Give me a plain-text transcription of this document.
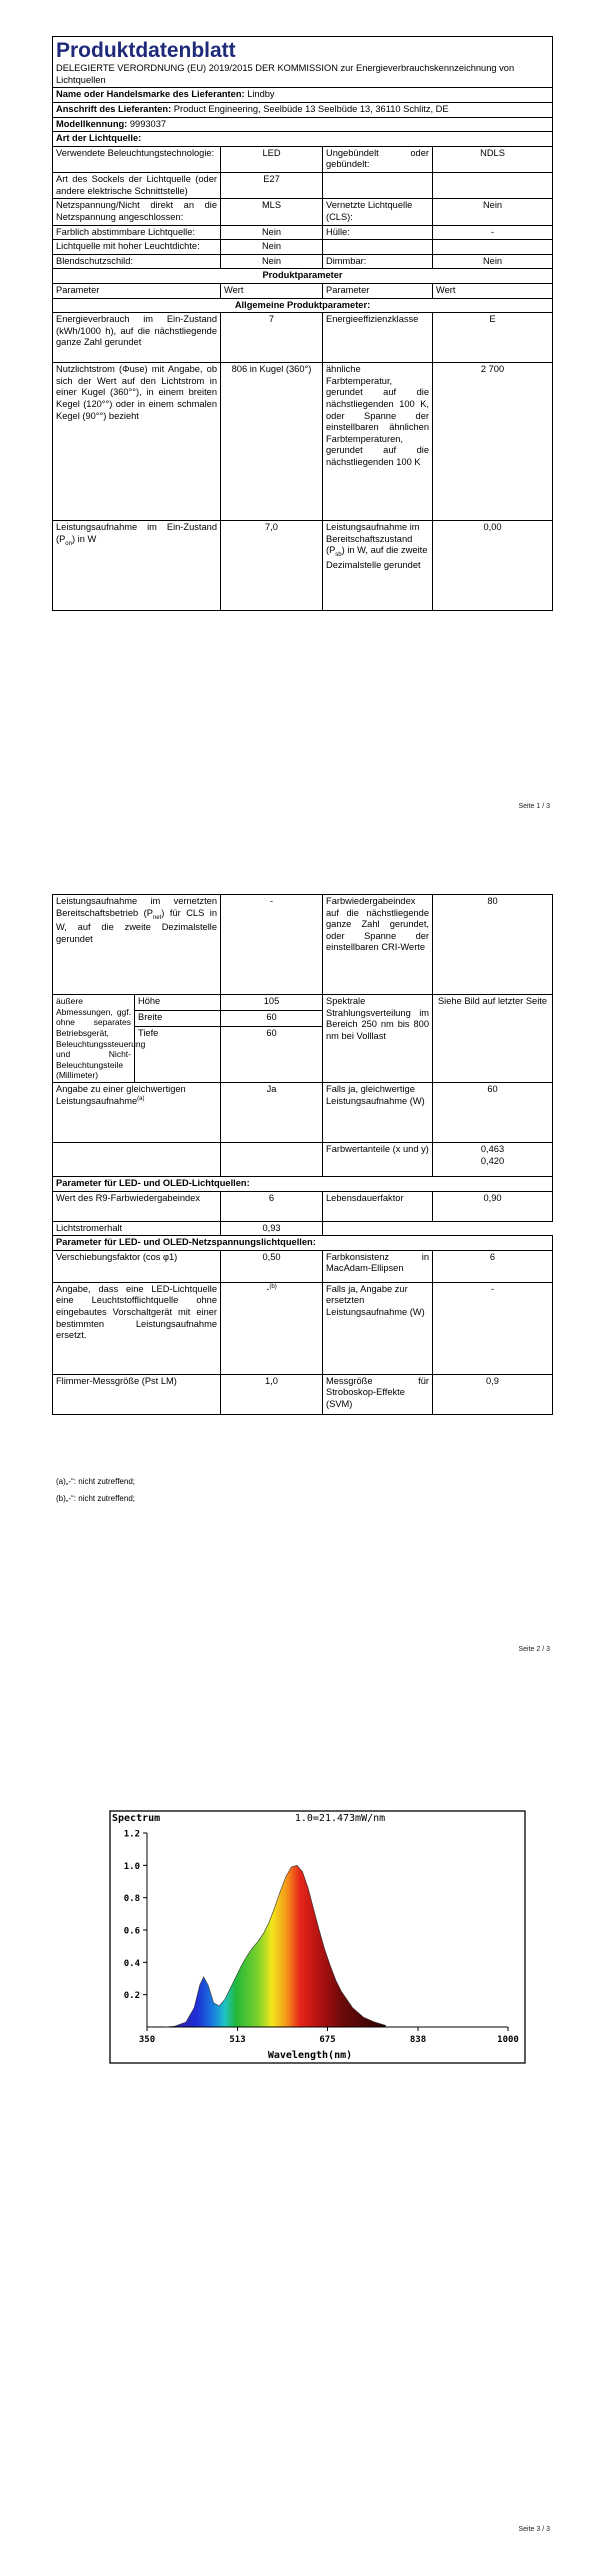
Produktdatenblatt
DELEGIERTE VERORDNUNG (EU) 2019/2015 DER KOMMISSION zur Energieverbrauchskennzeichnung von Lichtquellen			

Name oder Handelsmarke des Lieferanten: Lindby			
Anschrift des Lieferanten: Product Engineering, Seelbüde 13 Seelbüde 13, 36110 Schlitz, DE			
Modellkennung: 9993037			
Art der Lichtquelle:			
Verwendete Beleuchtungstechnologie:	LED	Ungebündelt oder gebündelt:	NDLS
Art des Sockels der Lichtquelle (oder andere elektrische Schnittstelle)	E27		
Netzspannung/Nicht direkt an die Netzspannung angeschlossen:	MLS	Vernetzte Lichtquelle (CLS):	Nein
Farblich abstimmbare Lichtquelle:	Nein	Hülle:	-
Lichtquelle mit hoher Leuchtdichte:	Nein		
Blendschutzschild:	Nein	Dimmbar:	Nein
Produktparameter			
Parameter	Wert	Parameter	Wert
Allgemeine Produktparameter:			
Energieverbrauch im Ein-Zustand (kWh/1000 h), auf die nächstliegende ganze Zahl gerundet	7	Energieeffizienzklasse	E
Nutzlichtstrom (Φuse) mit Angabe, ob sich der Wert auf den Lichtstrom in einer Kugel (360°°), in einem breiten Kegel (120°°) oder in einem schmalen Kegel (90°°) bezieht	806 in Kugel (360°)	ähnliche Farbtemperatur, gerundet auf die nächstliegenden 100 K, oder Spanne der einstellbaren ähnlichen Farbtemperaturen, gerundet auf die nächstliegenden 100 K	2 700
Leistungsaufnahme im Ein-Zustand $(P_{on})$ in W	7,0	Leistungsaufnahme im Bereitschaftszustand $(P_{sb})$ in W, auf die zweite Dezimalstelle gerundet	0,00
Seite 1 / 3
Leistungsaufnahme im vernetzten Bereitschaftsbetrieb $(P_{net})$ für CLS in W, auf die zweite Dezimalstelle gerundet		-	Farbwiedergabeindex auf die nächstliegende ganze Zahl gerundet, oder Spanne der einstellbaren CRI-Werte	80
äußere Abmessungen, ggf. ohne separates Betriebsgerät, Beleuchtungssteuerung und Nicht-Beleuchtungsteile (Millimeter)	Höhe	105	Spektrale Strahlungsverteilung im Bereich 250 nm bis 800 nm bei Volllast	Siehe Bild auf letzter Seite
	Breite	60		
	Tiefe	60		
Angabe zu einer gleichwertigen Leistungsaufnahme$^{(a)}$		Ja	Falls ja, gleichwertige Leistungsaufnahme (W)	60
			Farbwertanteile (x und y)	0,463
0,420

Parameter für LED- und OLED-Lichtquellen:				
Wert des R9-Farbwiedergabeindex		6	Lebensdauerfaktor	0,90
Lichtstromerhalt		0,93		
Parameter für LED- und OLED-Netzspannungslichtquellen:				
Verschiebungsfaktor (cos φ1)		0,50	Farbkonsistenz in MacAdam-Ellipsen	6
Angabe, dass eine LED-Lichtquelle eine Leuchtstofflichtquelle ohne eingebautes Vorschaltgerät mit einer bestimmten Leistungsaufnahme ersetzt.		-$^{(b)}$	Falls ja, Angabe zur ersetzten Leistungsaufnahme (W)	-
Flimmer-Messgröße (Pst LM)		1,0	Messgröße für Stroboskop-Effekte (SVM)	0,9
(a)„-“: nicht zutreffend;
(b)„-“: nicht zutreffend;
Seite 2 / 3
0.2
0.4
0.6
0.8
1.0
1.2
350	513	675	838	1000
Spectrum	1.0=21.473mW/nm
Wavelength(nm)
Seite 3 / 3
